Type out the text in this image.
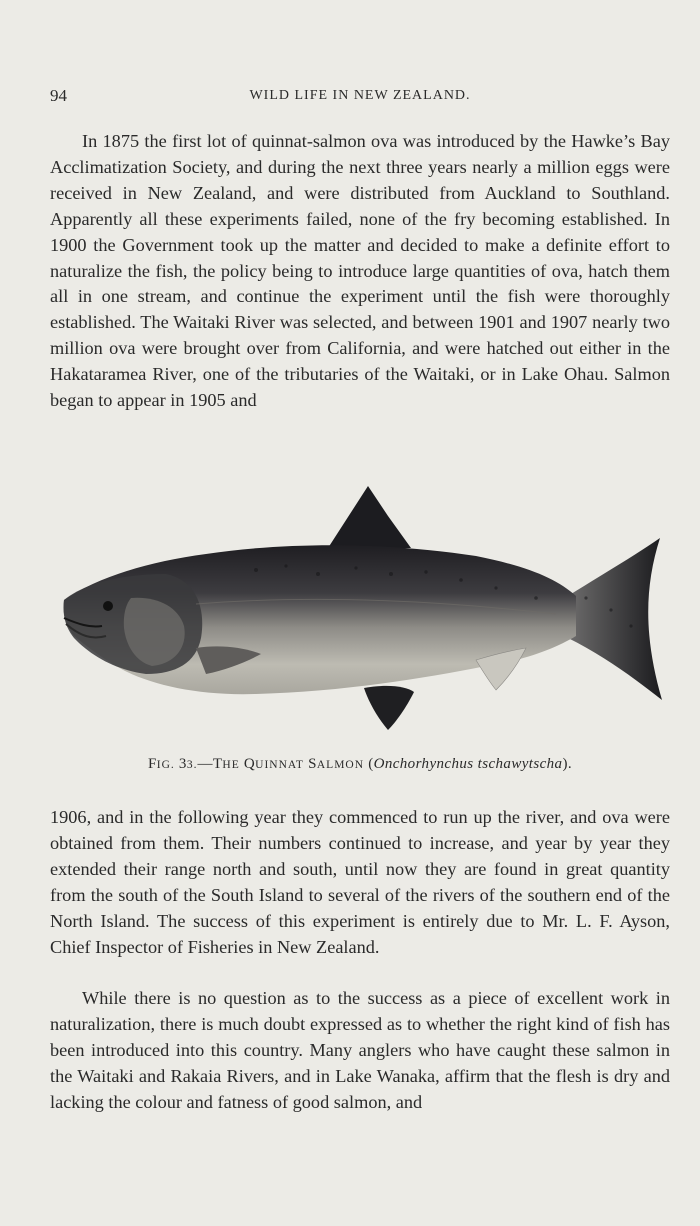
94	WILD LIFE IN NEW ZEALAND.

In 1875 the first lot of quinnat-salmon ova was introduced by the Hawke’s Bay Acclimatization Society, and during the next three years nearly a million eggs were received in New Zealand, and were distributed from Auckland to Southland. Apparently all these experiments failed, none of the fry becoming established. In 1900 the Government took up the matter and decided to make a definite effort to naturalize the fish, the policy being to introduce large quantities of ova, hatch them all in one stream, and continue the experiment until the fish were thoroughly established. The Waitaki River was selected, and between 1901 and 1907 nearly two million ova were brought over from California, and were hatched out either in the Hakataramea River, one of the tributaries of the Waitaki, or in Lake Ohau. Salmon began to appear in 1905 and

FIG. 33.—THE QUINNAT SALMON (Onchorhynchus tschawytscha).

1906, and in the following year they commenced to run up the river, and ova were obtained from them. Their numbers continued to increase, and year by year they extended their range north and south, until now they are found in great quantity from the south of the South Island to several of the rivers of the southern end of the North Island. The success of this experiment is entirely due to Mr. L. F. Ayson, Chief Inspector of Fisheries in New Zealand.

While there is no question as to the success as a piece of excellent work in naturalization, there is much doubt expressed as to whether the right kind of fish has been introduced into this country. Many anglers who have caught these salmon in the Waitaki and Rakaia Rivers, and in Lake Wanaka, affirm that the flesh is dry and lacking the colour and fatness of good salmon, and
